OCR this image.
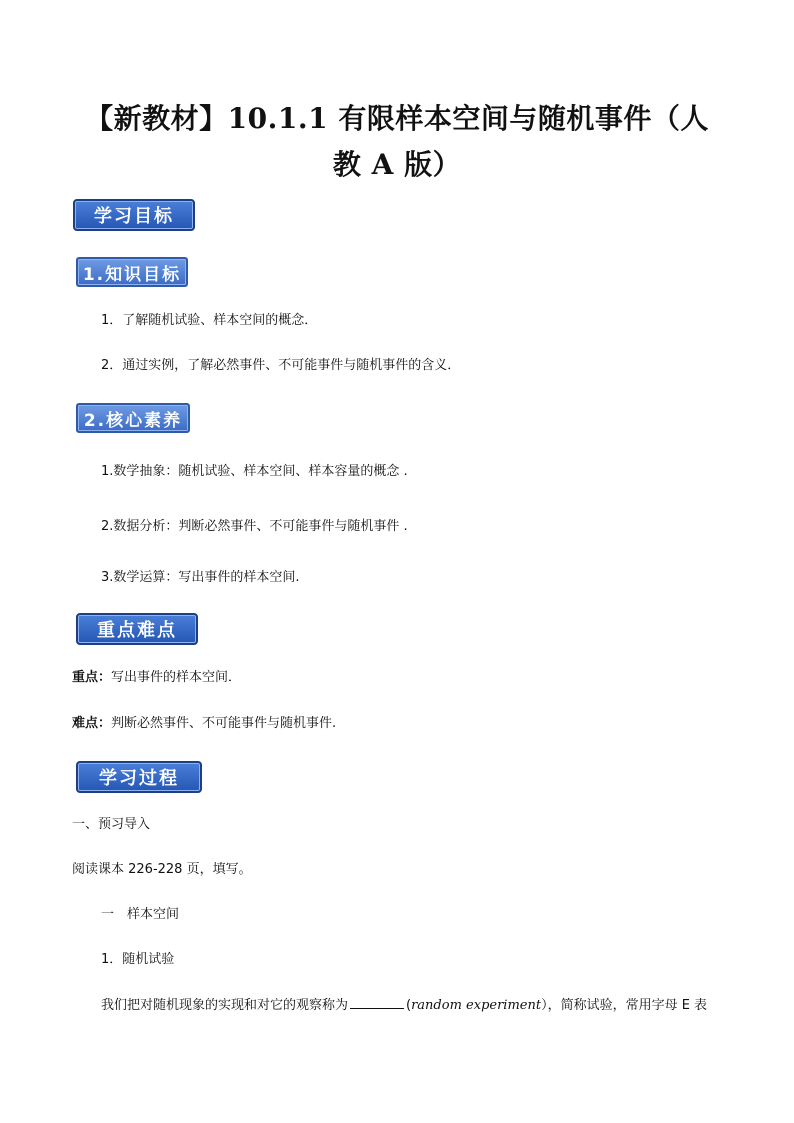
【新教材】10.1.1 有限样本空间与随机事件（人
教 A 版）
学习目标
1.知识目标
1．了解随机试验、样本空间的概念．
2．通过实例，了解必然事件、不可能事件与随机事件的含义．
2.核心素养
1.数学抽象：随机试验、样本空间、样本容量的概念 .
2.数据分析：判断必然事件、不可能事件与随机事件 .
3.数学运算：写出事件的样本空间.
重点难点
重点：写出事件的样本空间．
难点：判断必然事件、不可能事件与随机事件.
学习过程
一、预习导入
阅读课本 226-228 页，填写。
一　样本空间
1．随机试验
我们把对随机现象的实现和对它的观察称为	(random experiment），简称试验，常用字母 E 表
